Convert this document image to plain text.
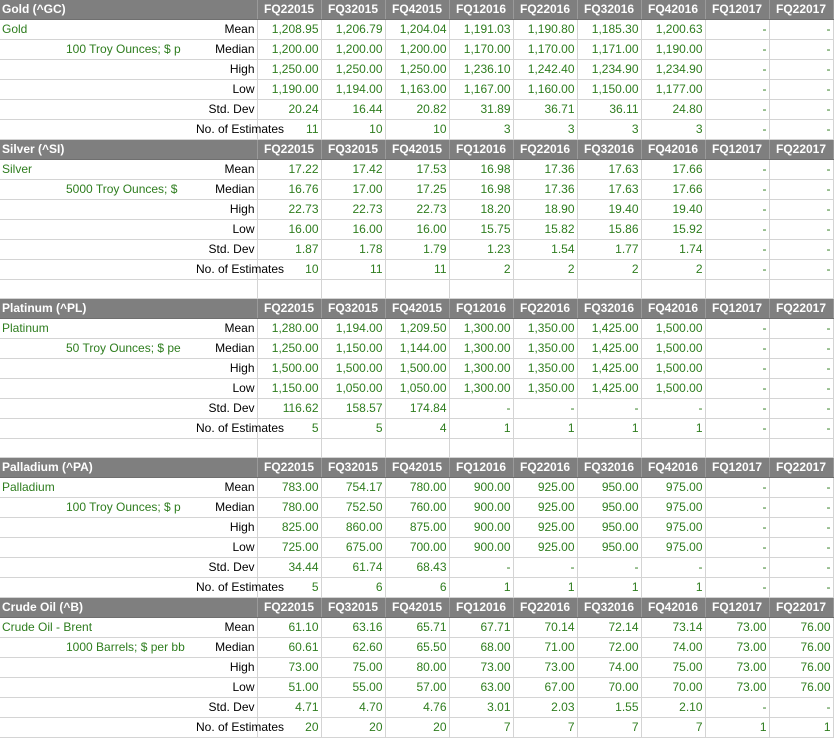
Gold (^GC)			FQ22015	FQ32015	FQ42015	FQ12016	FQ22016	FQ32016	FQ42016	FQ12017	FQ22017
Gold		Mean	1,208.95	1,206.79	1,204.04	1,191.03	1,190.80	1,185.30	1,200.63	-	-
	100 Troy Ounces; $ p	Median	1,200.00	1,200.00	1,200.00	1,170.00	1,170.00	1,171.00	1,190.00	-	-
		High	1,250.00	1,250.00	1,250.00	1,236.10	1,242.40	1,234.90	1,234.90	-	-
		Low	1,190.00	1,194.00	1,163.00	1,167.00	1,160.00	1,150.00	1,177.00	-	-
		Std. Dev	20.24	16.44	20.82	31.89	36.71	36.11	24.80	-	-
		No. of Estimates	11	10	10	3	3	3	3	-	-
Silver (^SI)			FQ22015	FQ32015	FQ42015	FQ12016	FQ22016	FQ32016	FQ42016	FQ12017	FQ22017
Silver		Mean	17.22	17.42	17.53	16.98	17.36	17.63	17.66	-	-
	5000 Troy Ounces; $	Median	16.76	17.00	17.25	16.98	17.36	17.63	17.66	-	-
		High	22.73	22.73	22.73	18.20	18.90	19.40	19.40	-	-
		Low	16.00	16.00	16.00	15.75	15.82	15.86	15.92	-	-
		Std. Dev	1.87	1.78	1.79	1.23	1.54	1.77	1.74	-	-
		No. of Estimates	10	11	11	2	2	2	2	-	-

Platinum (^PL)			FQ22015	FQ32015	FQ42015	FQ12016	FQ22016	FQ32016	FQ42016	FQ12017	FQ22017
Platinum		Mean	1,280.00	1,194.00	1,209.50	1,300.00	1,350.00	1,425.00	1,500.00	-	-
	50 Troy Ounces; $ pe	Median	1,250.00	1,150.00	1,144.00	1,300.00	1,350.00	1,425.00	1,500.00	-	-
		High	1,500.00	1,500.00	1,500.00	1,300.00	1,350.00	1,425.00	1,500.00	-	-
		Low	1,150.00	1,050.00	1,050.00	1,300.00	1,350.00	1,425.00	1,500.00	-	-
		Std. Dev	116.62	158.57	174.84	-	-	-	-	-	-
		No. of Estimates	5	5	4	1	1	1	1	-	-

Palladium (^PA)			FQ22015	FQ32015	FQ42015	FQ12016	FQ22016	FQ32016	FQ42016	FQ12017	FQ22017
Palladium		Mean	783.00	754.17	780.00	900.00	925.00	950.00	975.00	-	-
	100 Troy Ounces; $ p	Median	780.00	752.50	760.00	900.00	925.00	950.00	975.00	-	-
		High	825.00	860.00	875.00	900.00	925.00	950.00	975.00	-	-
		Low	725.00	675.00	700.00	900.00	925.00	950.00	975.00	-	-
		Std. Dev	34.44	61.74	68.43	-	-	-	-	-	-
		No. of Estimates	5	6	6	1	1	1	1	-	-
Crude Oil (^B)			FQ22015	FQ32015	FQ42015	FQ12016	FQ22016	FQ32016	FQ42016	FQ12017	FQ22017
Crude Oil - Brent		Mean	61.10	63.16	65.71	67.71	70.14	72.14	73.14	73.00	76.00
	1000 Barrels; $ per bb	Median	60.61	62.60	65.50	68.00	71.00	72.00	74.00	73.00	76.00
		High	73.00	75.00	80.00	73.00	73.00	74.00	75.00	73.00	76.00
		Low	51.00	55.00	57.00	63.00	67.00	70.00	70.00	73.00	76.00
		Std. Dev	4.71	4.70	4.76	3.01	2.03	1.55	2.10	-	-
		No. of Estimates	20	20	20	7	7	7	7	1	1
